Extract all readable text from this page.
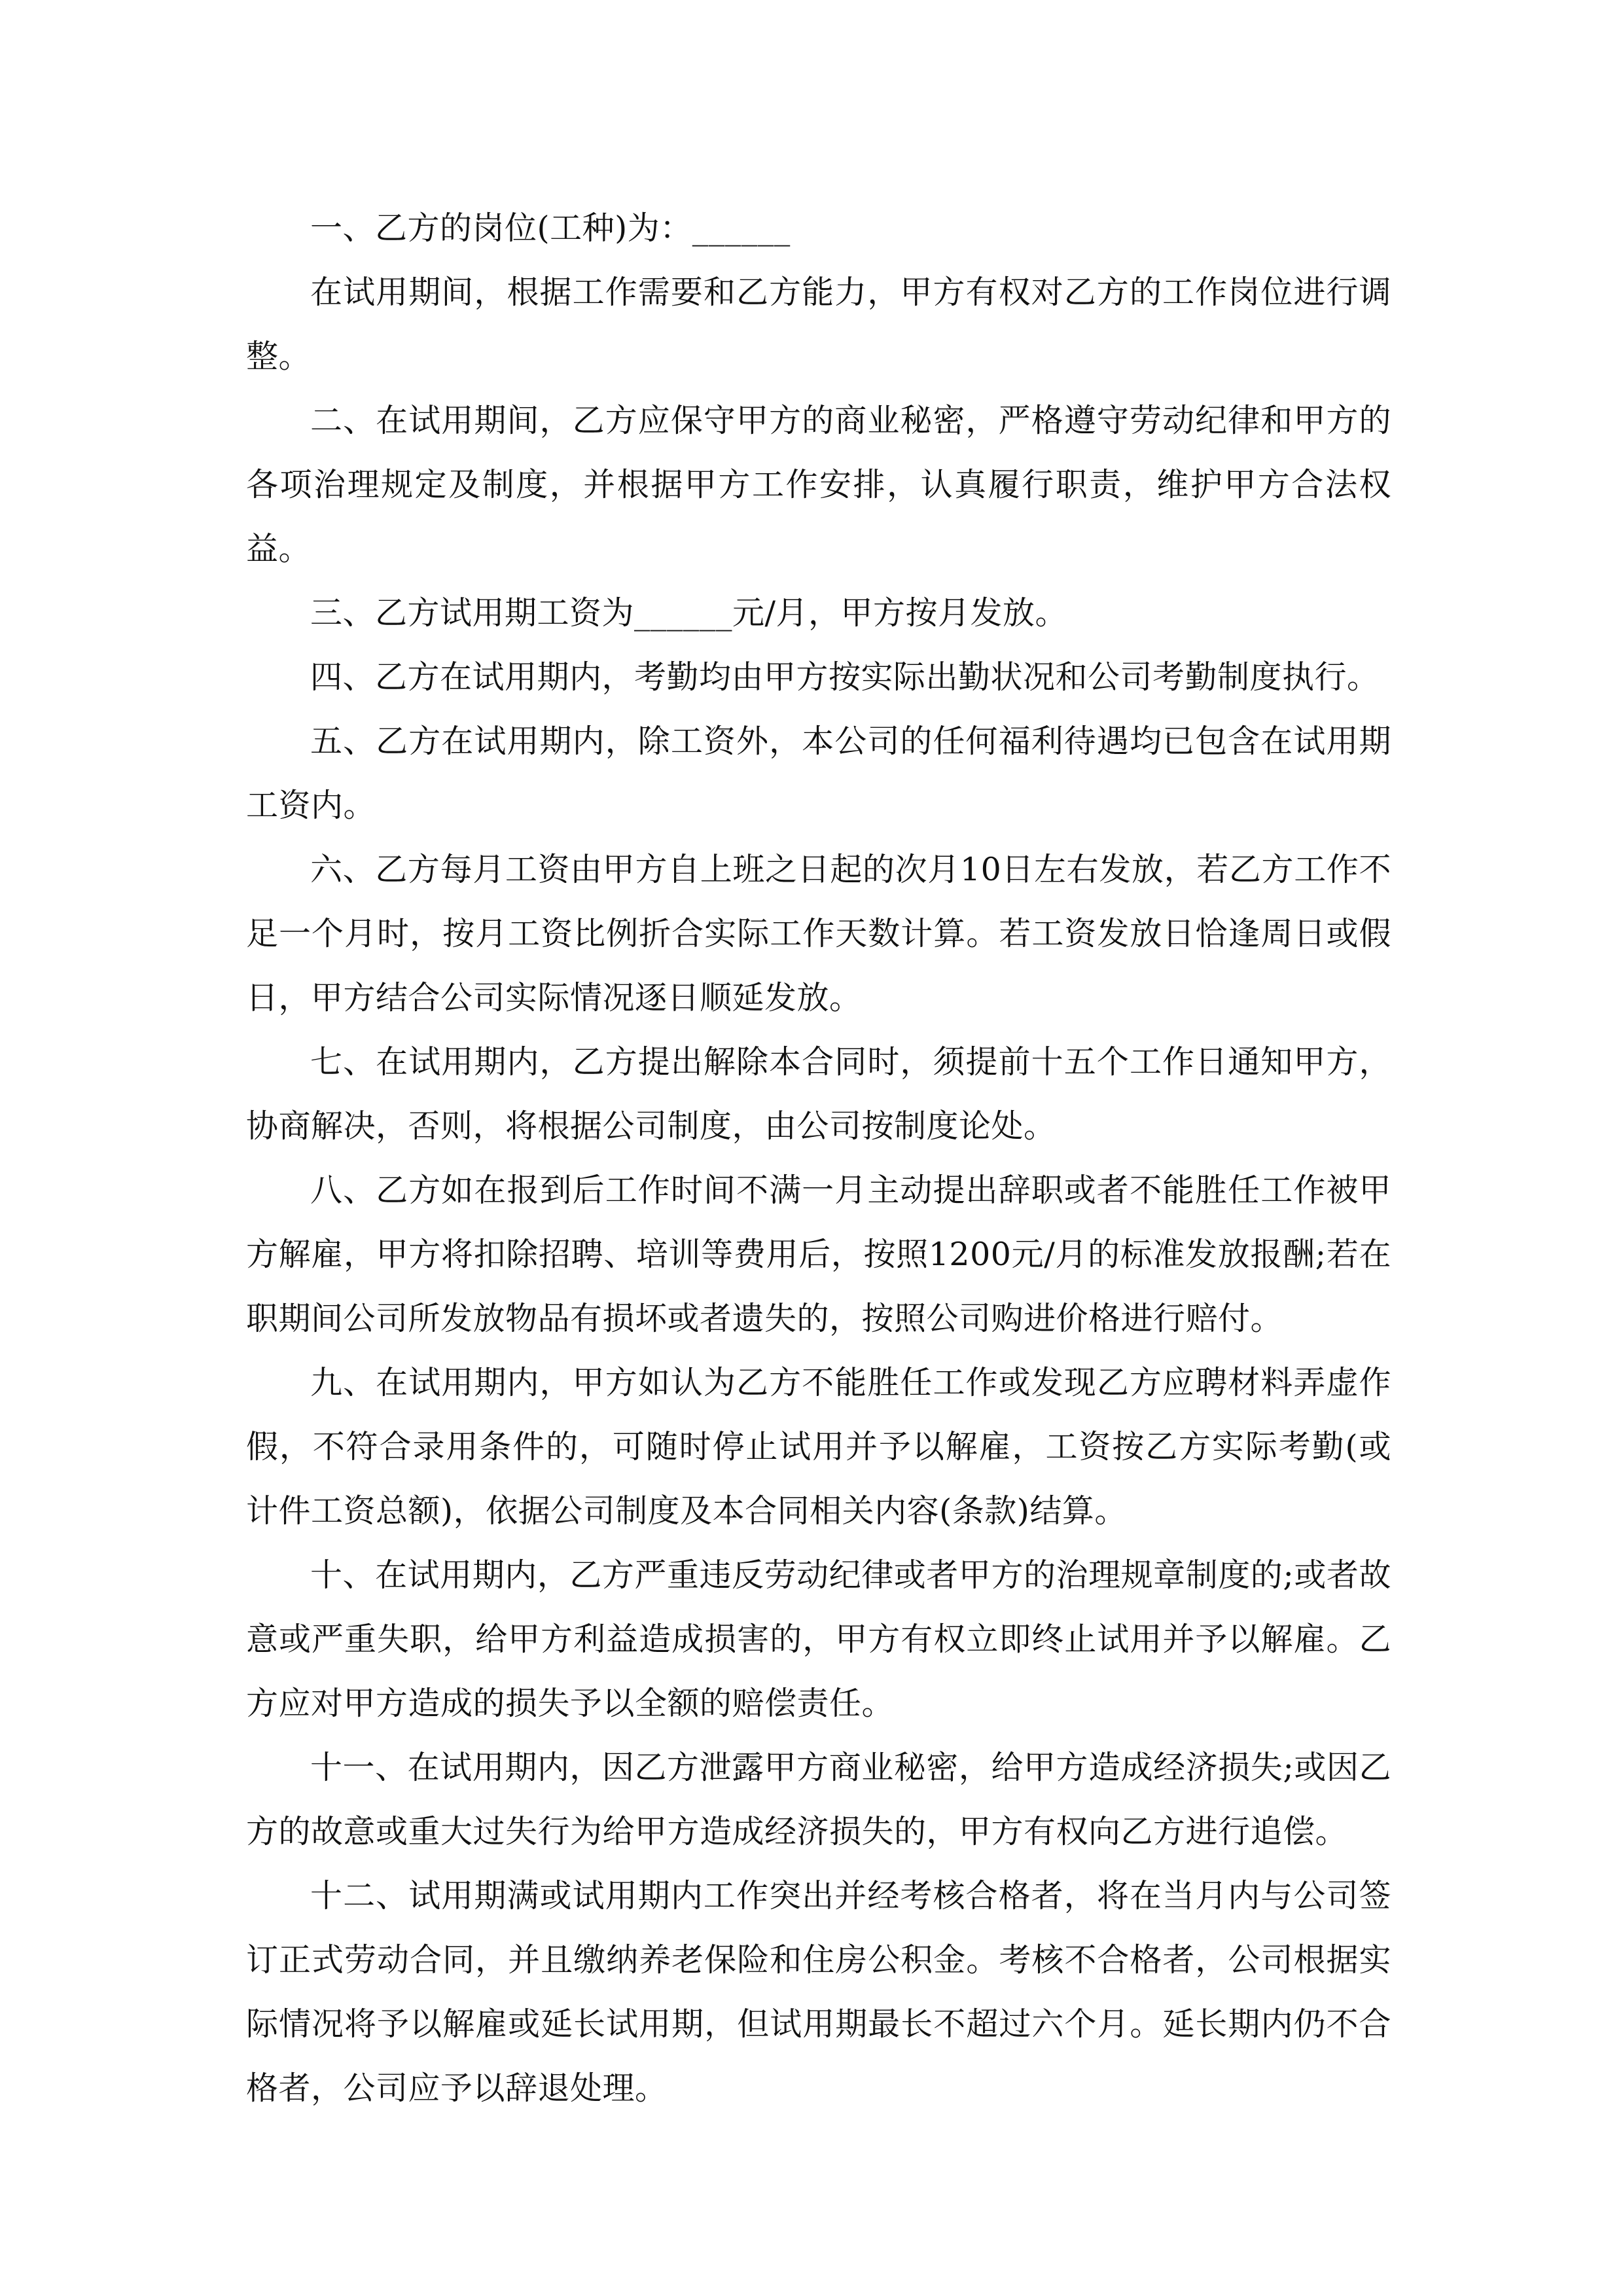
一、乙方的岗位(工种)为：______

在试用期间，根据工作需要和乙方能力，甲方有权对乙方的工作岗位进行调整。

二、在试用期间，乙方应保守甲方的商业秘密，严格遵守劳动纪律和甲方的各项治理规定及制度，并根据甲方工作安排，认真履行职责，维护甲方合法权益。

三、乙方试用期工资为______元/月，甲方按月发放。

四、乙方在试用期内，考勤均由甲方按实际出勤状况和公司考勤制度执行。

五、乙方在试用期内，除工资外，本公司的任何福利待遇均已包含在试用期工资内。

六、乙方每月工资由甲方自上班之日起的次月10日左右发放，若乙方工作不足一个月时，按月工资比例折合实际工作天数计算。若工资发放日恰逢周日或假日，甲方结合公司实际情况逐日顺延发放。

七、在试用期内，乙方提出解除本合同时，须提前十五个工作日通知甲方，协商解决，否则，将根据公司制度，由公司按制度论处。

八、乙方如在报到后工作时间不满一月主动提出辞职或者不能胜任工作被甲方解雇，甲方将扣除招聘、培训等费用后，按照1200元/月的标准发放报酬;若在职期间公司所发放物品有损坏或者遗失的，按照公司购进价格进行赔付。

九、在试用期内，甲方如认为乙方不能胜任工作或发现乙方应聘材料弄虚作假，不符合录用条件的，可随时停止试用并予以解雇，工资按乙方实际考勤(或计件工资总额)，依据公司制度及本合同相关内容(条款)结算。

十、在试用期内，乙方严重违反劳动纪律或者甲方的治理规章制度的;或者故意或严重失职，给甲方利益造成损害的，甲方有权立即终止试用并予以解雇。乙方应对甲方造成的损失予以全额的赔偿责任。

十一、在试用期内，因乙方泄露甲方商业秘密，给甲方造成经济损失;或因乙方的故意或重大过失行为给甲方造成经济损失的，甲方有权向乙方进行追偿。

十二、试用期满或试用期内工作突出并经考核合格者，将在当月内与公司签订正式劳动合同，并且缴纳养老保险和住房公积金。考核不合格者，公司根据实际情况将予以解雇或延长试用期，但试用期最长不超过六个月。延长期内仍不合格者，公司应予以辞退处理。
